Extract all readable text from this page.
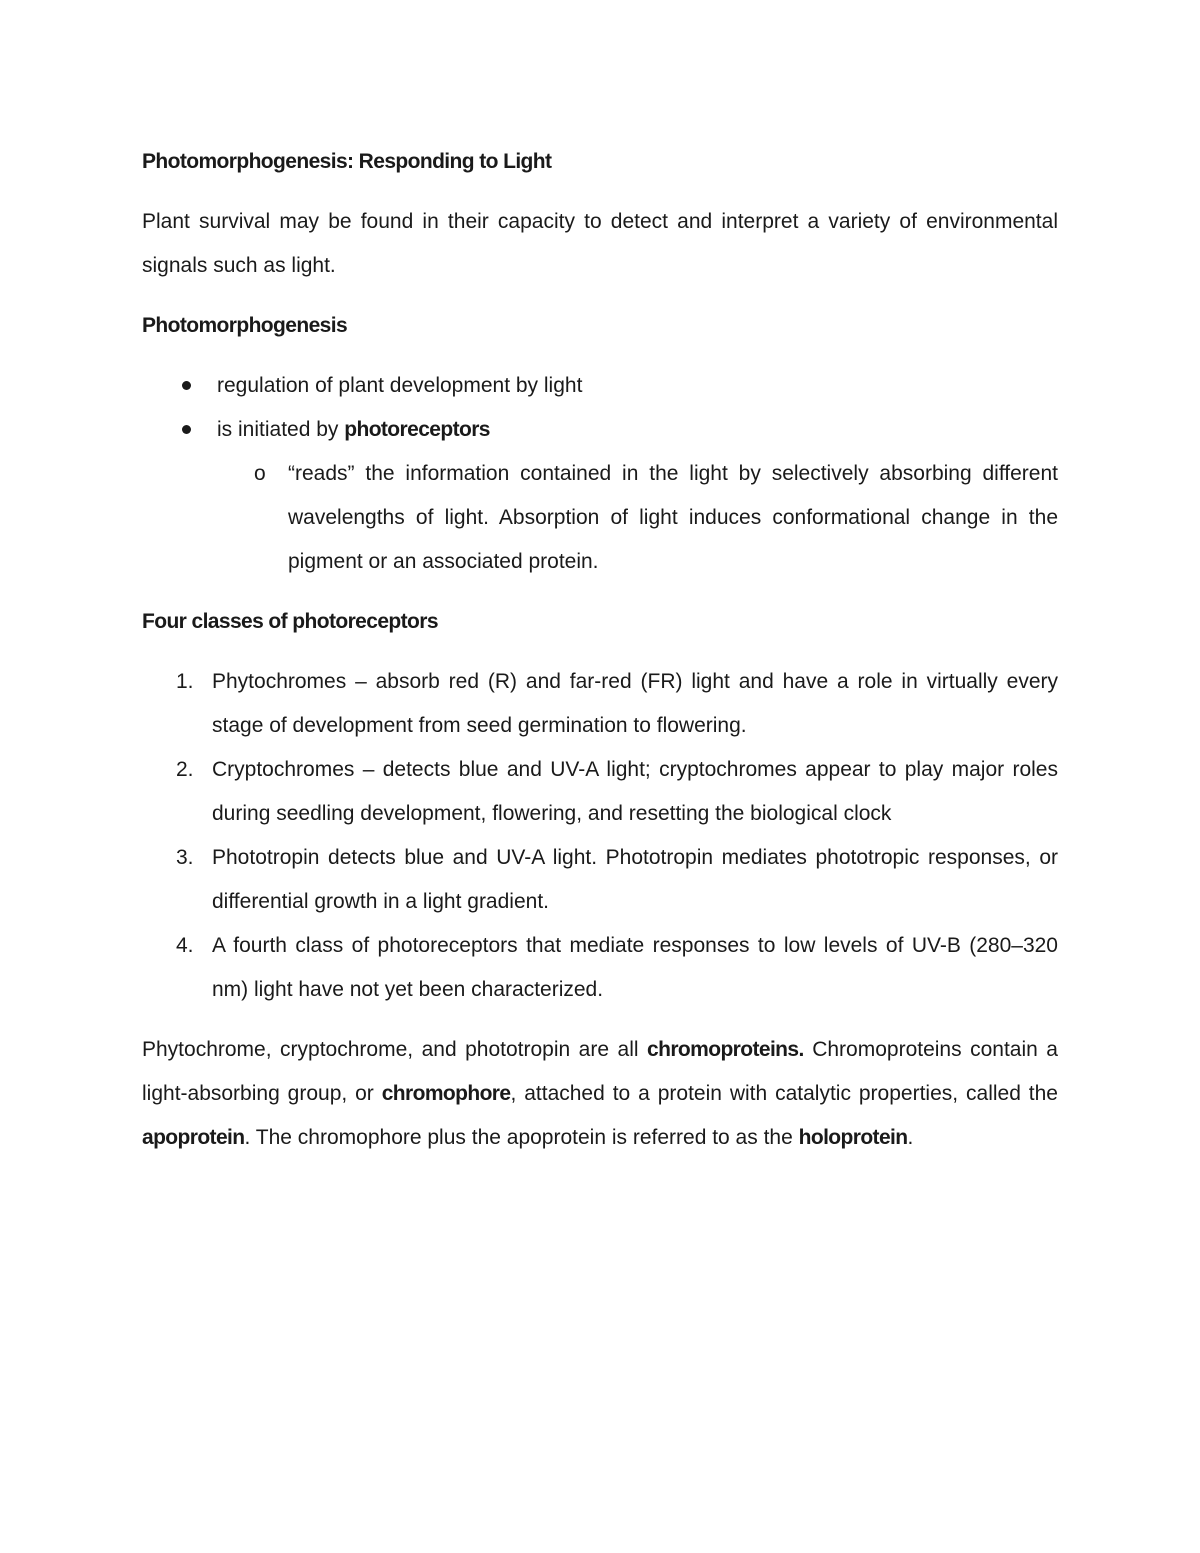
Photomorphogenesis: Responding to Light

Plant survival may be found in their capacity to detect and interpret a variety of environmental signals such as light.

Photomorphogenesis

regulation of plant development by light
is initiated by photoreceptors
o “reads” the information contained in the light by selectively absorbing different wavelengths of light. Absorption of light induces conformational change in the pigment or an associated protein.

Four classes of photoreceptors

1. Phytochromes – absorb red (R) and far-red (FR) light and have a role in virtually every stage of development from seed germination to flowering.
2. Cryptochromes – detects blue and UV-A light; cryptochromes appear to play major roles during seedling development, flowering, and resetting the biological clock
3. Phototropin detects blue and UV-A light. Phototropin mediates phototropic responses, or differential growth in a light gradient.
4. A fourth class of photoreceptors that mediate responses to low levels of UV-B (280–320 nm) light have not yet been characterized.

Phytochrome, cryptochrome, and phototropin are all chromoproteins. Chromoproteins contain a light-absorbing group, or chromophore, attached to a protein with catalytic properties, called the apoprotein. The chromophore plus the apoprotein is referred to as the holoprotein.
